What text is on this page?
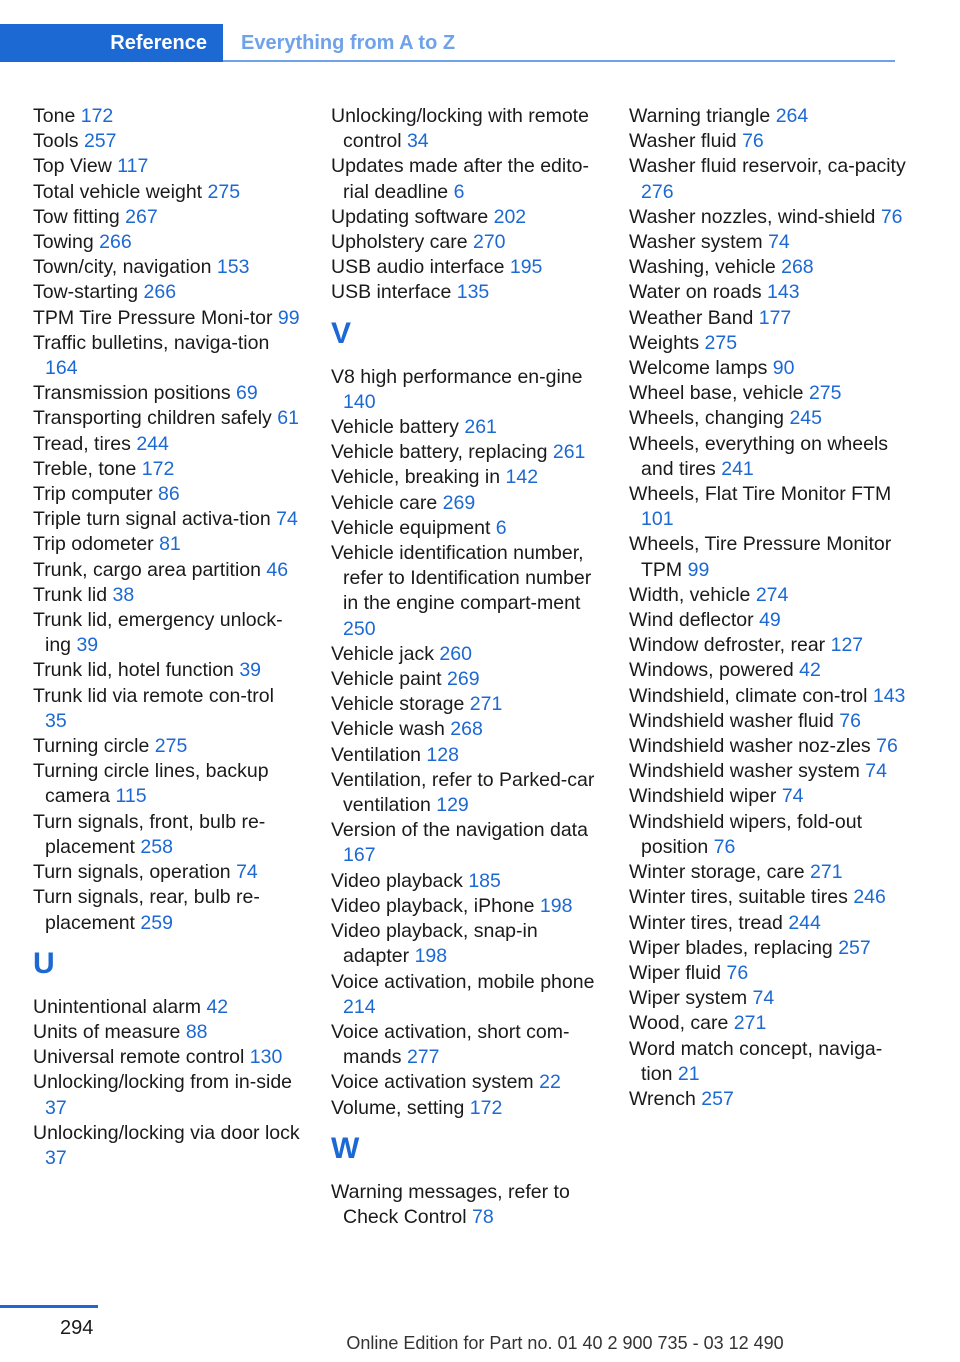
Reference	Everything from A to Z
Tone 172
Tools 257
Top View 117
Total vehicle weight 275
Tow fitting 267
Towing 266
Town/city, navigation 153
Tow-starting 266
TPM Tire Pressure Moni‐tor 99
Traffic bulletins, naviga‐tion 164
Transmission positions 69
Transporting children safely 61
Tread, tires 244
Treble, tone 172
Trip computer 86
Triple turn signal activa‐tion 74
Trip odometer 81
Trunk, cargo area partition 46
Trunk lid 38
Trunk lid, emergency unlock‐ing 39
Trunk lid, hotel function 39
Trunk lid via remote con‐trol 35
Turning circle 275
Turning circle lines, backup camera 115
Turn signals, front, bulb re‐placement 258
Turn signals, operation 74
Turn signals, rear, bulb re‐placement 259
U
Unintentional alarm 42
Units of measure 88
Universal remote control 130
Unlocking/locking from in‐side 37
Unlocking/locking via door lock 37
Unlocking/locking with remote control 34
Updates made after the edito‐rial deadline 6
Updating software 202
Upholstery care 270
USB audio interface 195
USB interface 135
V
V8 high performance en‐gine 140
Vehicle battery 261
Vehicle battery, replacing 261
Vehicle, breaking in 142
Vehicle care 269
Vehicle equipment 6
Vehicle identification number, refer to Identification number in the engine compart‐ment 250
Vehicle jack 260
Vehicle paint 269
Vehicle storage 271
Vehicle wash 268
Ventilation 128
Ventilation, refer to Parked-car ventilation 129
Version of the navigation data 167
Video playback 185
Video playback, iPhone 198
Video playback, snap-in adapter 198
Voice activation, mobile phone 214
Voice activation, short com‐mands 277
Voice activation system 22
Volume, setting 172
W
Warning messages, refer to Check Control 78
Warning triangle 264
Washer fluid 76
Washer fluid reservoir, ca‐pacity 276
Washer nozzles, wind‐shield 76
Washer system 74
Washing, vehicle 268
Water on roads 143
Weather Band 177
Weights 275
Welcome lamps 90
Wheel base, vehicle 275
Wheels, changing 245
Wheels, everything on wheels and tires 241
Wheels, Flat Tire Monitor FTM 101
Wheels, Tire Pressure Monitor TPM 99
Width, vehicle 274
Wind deflector 49
Window defroster, rear 127
Windows, powered 42
Windshield, climate con‐trol 143
Windshield washer fluid 76
Windshield washer noz‐zles 76
Windshield washer system 74
Windshield wiper 74
Windshield wipers, fold-out position 76
Winter storage, care 271
Winter tires, suitable tires 246
Winter tires, tread 244
Wiper blades, replacing 257
Wiper fluid 76
Wiper system 74
Wood, care 271
Word match concept, naviga‐tion 21
Wrench 257
294
Online Edition for Part no. 01 40 2 900 735 - 03 12 490
